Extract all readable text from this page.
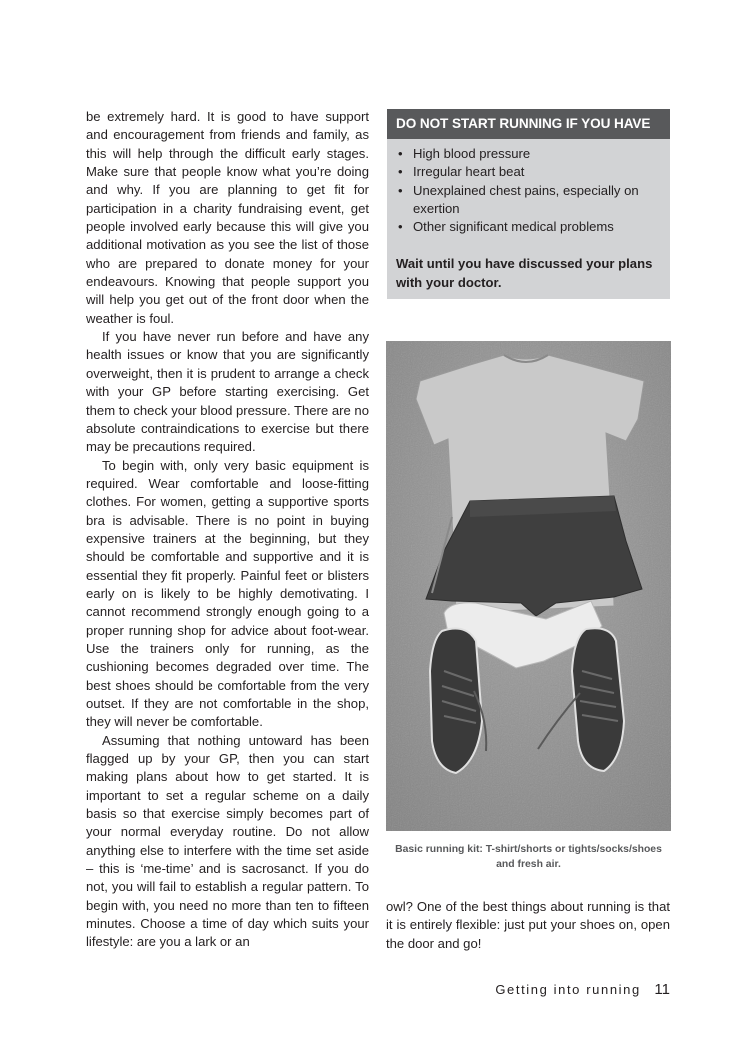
be extremely hard. It is good to have support and encouragement from friends and family, as this will help through the difficult early stages. Make sure that people know what you’re doing and why. If you are planning to get fit for participation in a charity fundraising event, get people involved early because this will give you additional motivation as you see the list of those who are prepared to donate money for your endeavours. Knowing that people support you will help you get out of the front door when the weather is foul.

If you have never run before and have any health issues or know that you are significantly overweight, then it is prudent to arrange a check with your GP before starting exercising. Get them to check your blood pressure. There are no absolute contraindications to exercise but there may be precautions required.

To begin with, only very basic equipment is required. Wear comfortable and loose-fitting clothes. For women, getting a supportive sports bra is advisable. There is no point in buying expensive trainers at the beginning, but they should be comfortable and supportive and it is essential they fit properly. Painful feet or blisters early on is likely to be highly demotivating. I cannot recommend strongly enough going to a proper running shop for advice about foot-wear. Use the trainers only for running, as the cushioning becomes degraded over time. The best shoes should be comfortable from the very outset. If they are not comfortable in the shop, they will never be comfortable.

Assuming that nothing untoward has been flagged up by your GP, then you can start making plans about how to get started. It is important to set a regular scheme on a daily basis so that exercise simply becomes part of your normal everyday routine. Do not allow anything else to interfere with the time set aside – this is ‘me-time’ and is sacrosanct. If you do not, you will fail to establish a regular pattern. To begin with, you need no more than ten to fifteen minutes. Choose a time of day which suits your lifestyle: are you a lark or an

DO NOT START RUNNING IF YOU HAVE
• High blood pressure
• Irregular heart beat
• Unexplained chest pains, especially on exertion
• Other significant medical problems
Wait until you have discussed your plans with your doctor.
Basic running kit: T-shirt/shorts or tights/socks/shoes and fresh air.

owl? One of the best things about running is that it is entirely flexible: just put your shoes on, open the door and go!

Getting into running 11
